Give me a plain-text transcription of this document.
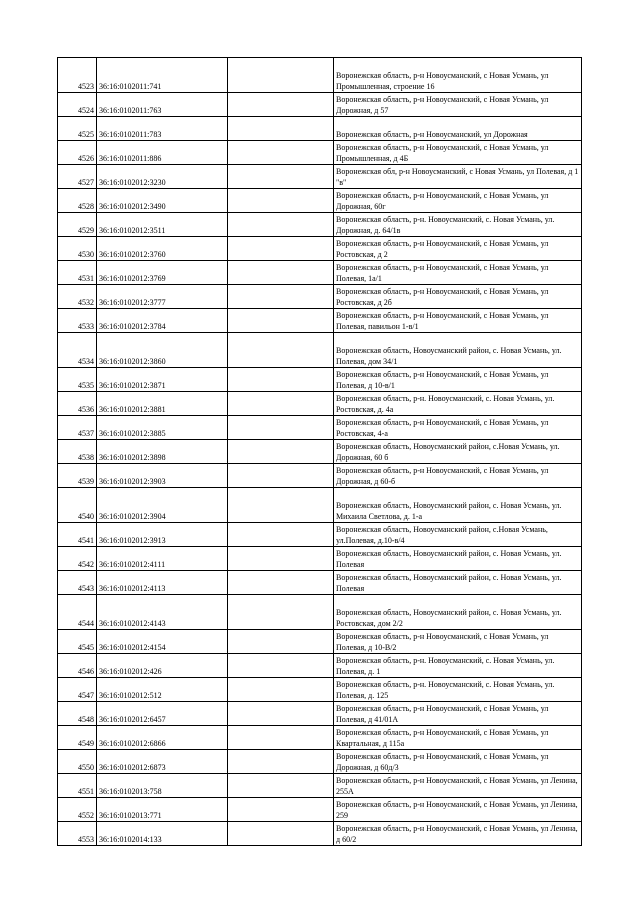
4523	36:16:0102011:741		Воронежская область, р-н Новоусманский, с Новая Усмань, ул Промышленная, строение 16
4524	36:16:0102011:763		Воронежская область, р-н Новоусманский, с Новая Усмань, ул Дорожная, д 57
4525	36:16:0102011:783		Воронежская область, р-н Новоусманский, ул Дорожная
4526	36:16:0102011:886		Воронежская область, р-н Новоусманский, с Новая Усмань, ул Промышленная, д 4Б
4527	36:16:0102012:3230		Воронежская обл, р-н Новоусманский, с Новая Усмань, ул Полевая, д 1 "в"
4528	36:16:0102012:3490		Воронежская область, р-н Новоусманский, с Новая Усмань, ул Дорожная, 60г
4529	36:16:0102012:3511		Воронежская область, р-н. Новоусманский, с. Новая Усмань, ул. Дорожная, д. 64/1в
4530	36:16:0102012:3760		Воронежская область, р-н Новоусманский, с Новая Усмань, ул Ростовская, д 2
4531	36:16:0102012:3769		Воронежская область, р-н Новоусманский, с Новая Усмань, ул Полевая, 1а/1
4532	36:16:0102012:3777		Воронежская область, р-н Новоусманский, с Новая Усмань, ул Ростовская, д 2б
4533	36:16:0102012:3784		Воронежская область, р-н Новоусманский, с Новая Усмань, ул Полевая, павильон 1-в/1
4534	36:16:0102012:3860		Воронежская область, Новоусманский район, с. Новая Усмань, ул. Полевая, дом 34/1
4535	36:16:0102012:3871		Воронежская область, р-н Новоусманский, с Новая Усмань, ул Полевая, д 10-в/1
4536	36:16:0102012:3881		Воронежская область, р-н. Новоусманский, с. Новая Усмань, ул. Ростовская, д. 4а
4537	36:16:0102012:3885		Воронежская область, р-н Новоусманский, с Новая Усмань, ул Ростовская, 4-а
4538	36:16:0102012:3898		Воронежская область, Новоусманский район, с.Новая Усмань, ул. Дорожная, 60 б
4539	36:16:0102012:3903		Воронежская область, р-н Новоусманский, с Новая Усмань, ул Дорожная, д 60-б
4540	36:16:0102012:3904		Воронежская область, Новоусманский район, с. Новая Усмань, ул. Михаила Светлова, д. 1-а
4541	36:16:0102012:3913		Воронежская область, Новоусманский район, с.Новая Усмань, ул.Полевая, д.10-в/4
4542	36:16:0102012:4111		Воронежская область, Новоусманский район, с. Новая Усмань, ул. Полевая
4543	36:16:0102012:4113		Воронежская область, Новоусманский район, с. Новая Усмань, ул. Полевая
4544	36:16:0102012:4143		Воронежская область, Новоусманский район, с. Новая Усмань, ул. Ростовская, дом 2/2
4545	36:16:0102012:4154		Воронежская область, р-н Новоусманский, с Новая Усмань, ул Полевая, д 10-В/2
4546	36:16:0102012:426		Воронежская область, р-н. Новоусманский, с. Новая Усмань, ул. Полевая, д. 1
4547	36:16:0102012:512		Воронежская область, р-н. Новоусманский, с. Новая Усмань, ул. Полевая, д. 125
4548	36:16:0102012:6457		Воронежская область, р-н Новоусманский, с Новая Усмань, ул Полевая, д 41/01А
4549	36:16:0102012:6866		Воронежская область, р-н Новоусманский, с Новая Усмань, ул Квартальная, д 115а
4550	36:16:0102012:6873		Воронежская область, р-н Новоусманский, с Новая Усмань, ул Дорожная, д 60д/3
4551	36:16:0102013:758		Воронежская область, р-н Новоусманский, с Новая Усмань, ул Ленина, 255А
4552	36:16:0102013:771		Воронежская область, р-н Новоусманский, с Новая Усмань, ул Ленина, 259
4553	36:16:0102014:133		Воронежская область, р-н Новоусманский, с Новая Усмань, ул Ленина, д 60/2
